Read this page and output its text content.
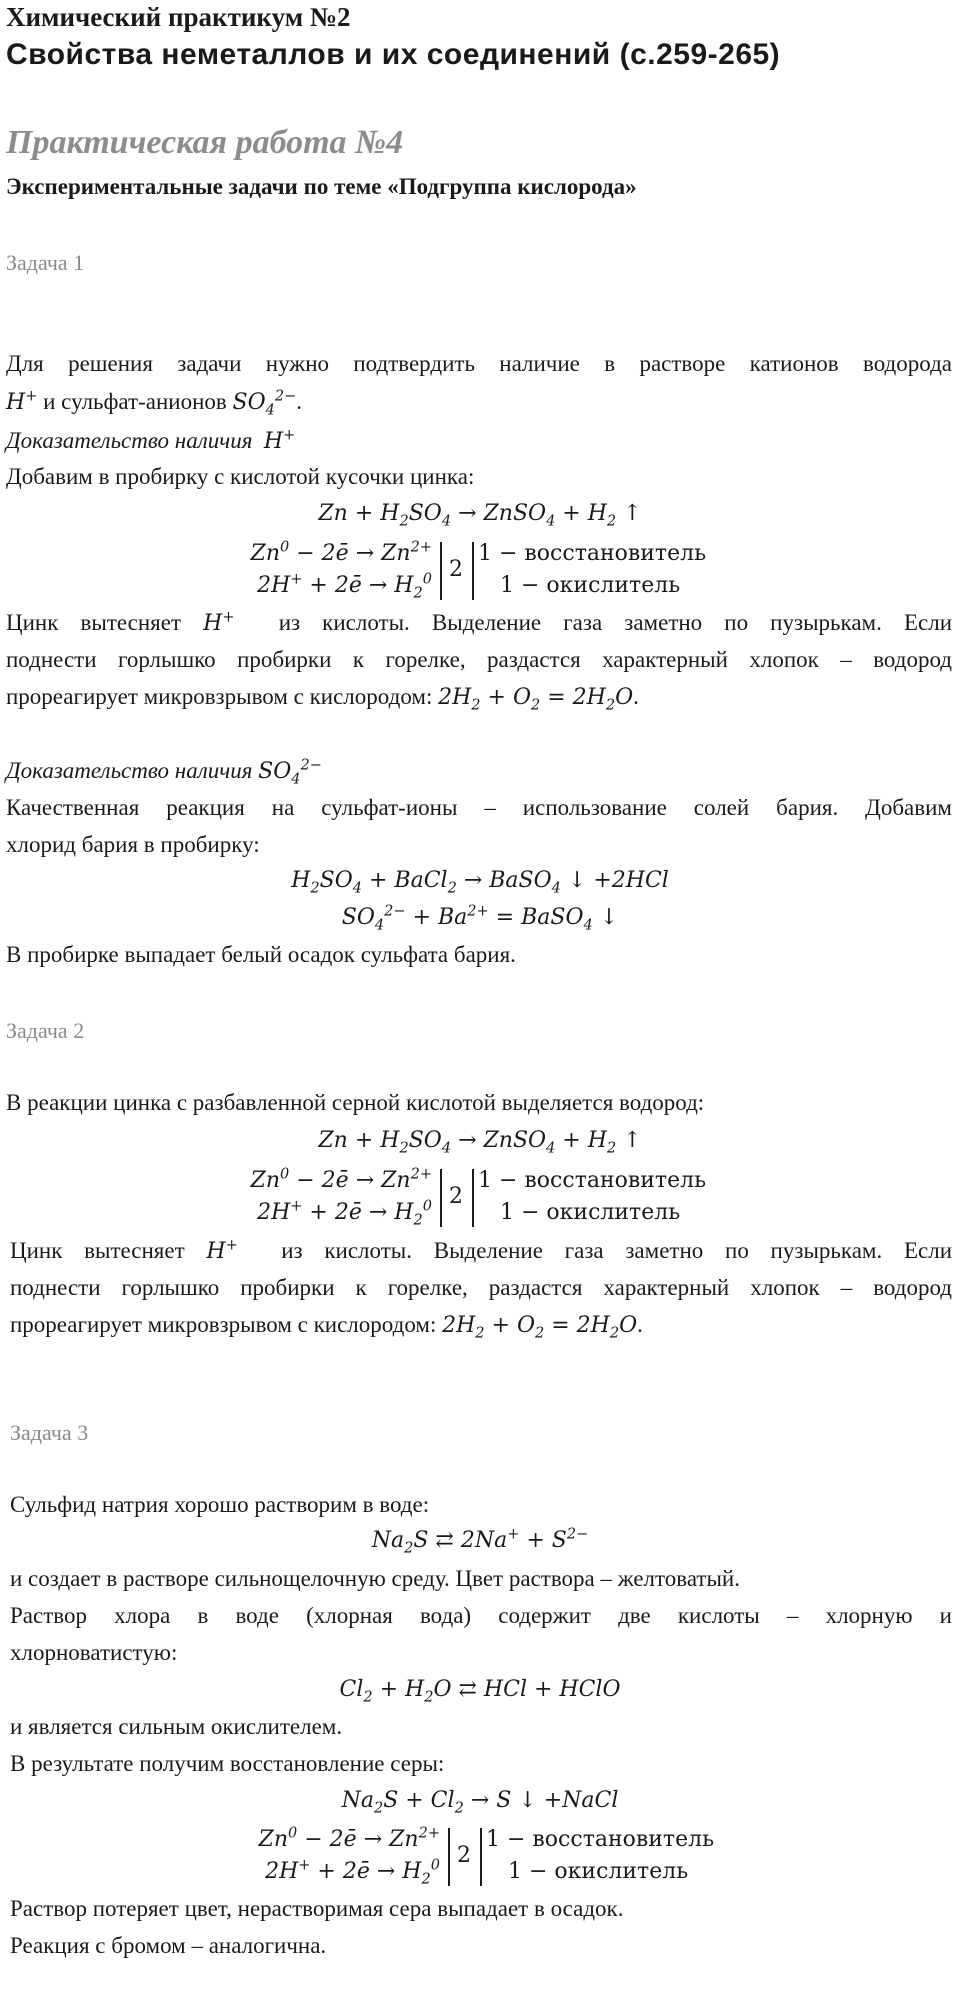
Химический практикум №2
Свойства неметаллов и их соединений (с.259-265)
Практическая работа №4
Экспериментальные задачи по теме «Подгруппа кислорода»
Задача 1
Для решения задачи нужно подтвердить наличие в растворе катионов водорода
H+ и сульфат-анионов $SO_4^{2-}$.
Доказательство наличия H+
Добавим в пробирку с кислотой кусочки цинка:
$Zn + H_2SO_4$ → ZnSO$_4$ + $H_2$ ↑
$Zn^0$ − 2ē → $Zn^{2+}$
2H+ + 2ē → $H_2^0$ 2
1 − восстановитель
1 − окислитель
Цинк вытесняет H+ из кислоты. Выделение газа заметно по пузырькам. Если
поднести горлышко пробирки к горелке, раздастся характерный хлопок – водород
прореагирует микровзрывом с кислородом: $2H_2 + O_2 = 2H_2O$.
Доказательство наличия $SO_4^{2-}$
Качественная реакция на сульфат-ионы – использование солей бария. Добавим
хлорид бария в пробирку:
$H_2SO_4$ + BaCl$_2$ → BaSO$_4$ ↓ +2HCl
$SO_4^{2-} + Ba^{2+}$ = BaSO$_4$ ↓
В пробирке выпадает белый осадок сульфата бария.
Задача 2
В реакции цинка с разбавленной серной кислотой выделяется водород:
$Zn + H_2SO_4$ → ZnSO$_4$ + $H_2$ ↑
$Zn^0$ − 2ē → $Zn^{2+}$
2H+ + 2ē → $H_2^0$ 2
1 − восстановитель
1 − окислитель
Цинк вытесняет H+ из кислоты. Выделение газа заметно по пузырькам. Если
поднести горлышко пробирки к горелке, раздастся характерный хлопок – водород
прореагирует микровзрывом с кислородом: $2H_2 + O_2 = 2H_2O$.
Задача 3
Сульфид натрия хорошо растворим в воде:
$Na_2S$ ⇄ $2Na^+ + S^{2-}$
и создает в растворе сильнощелочную среду. Цвет раствора – желтоватый.
Раствор хлора в воде (хлорная вода) содержит две кислоты – хлорную и
хлорноватистую:
$Cl_2 + H_2O$ ⇄ HCl + HClO
и является сильным окислителем.
В результате получим восстановление серы:
$Na_2S + Cl_2 \to S$ ↓ +NaCl
$Zn^0$ − 2ē → $Zn^{2+}$
2H+ + 2ē → $H_2^0$ 2
1 − восстановитель
1 − окислитель
Раствор потеряет цвет, нерастворимая сера выпадает в осадок.
Реакция с бромом – аналогична.
